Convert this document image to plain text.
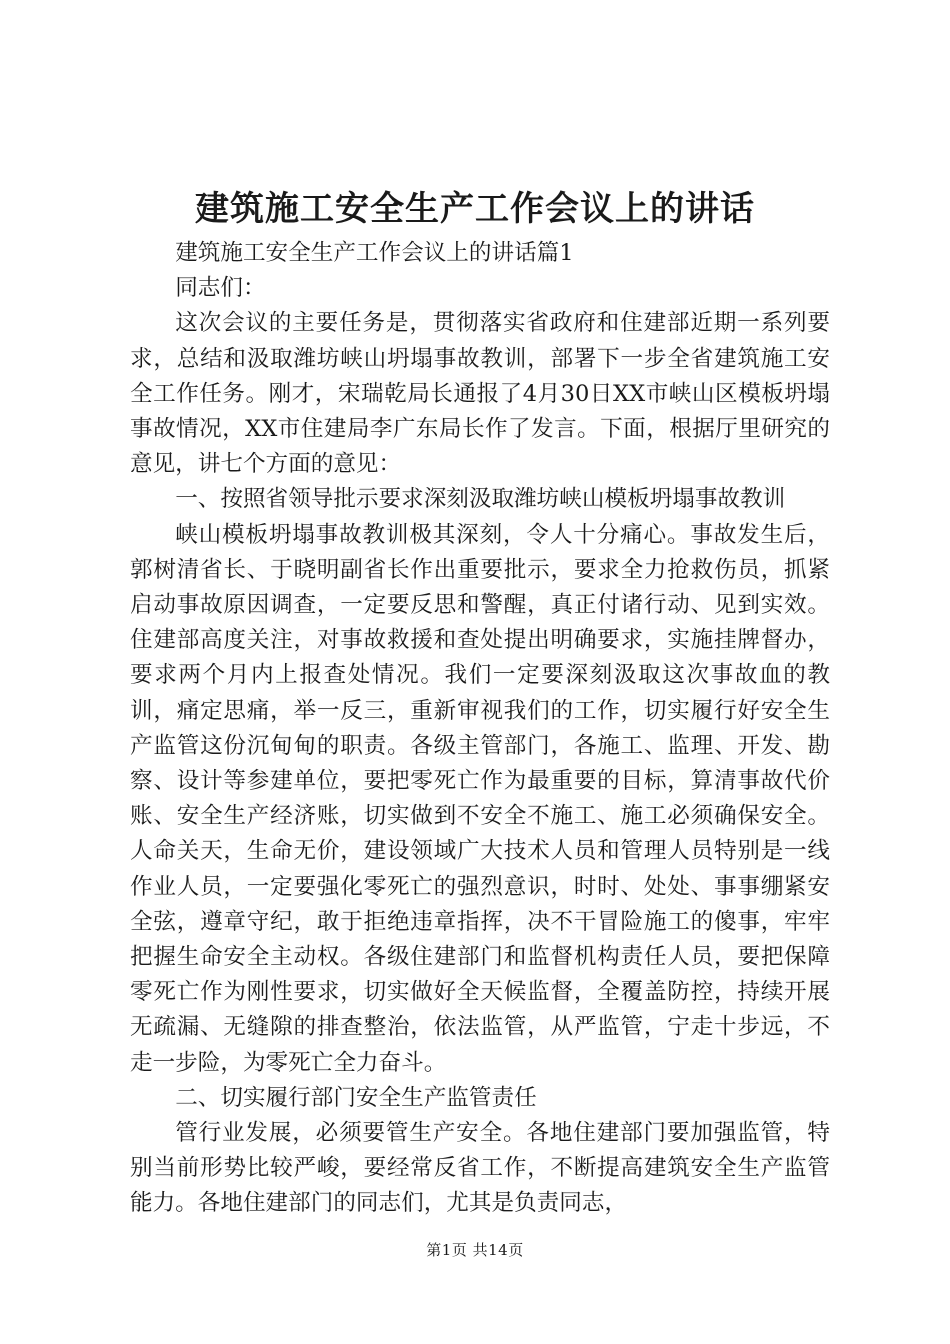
建筑施工安全生产工作会议上的讲话

建筑施工安全生产工作会议上的讲话篇1

同志们：

这次会议的主要任务是，贯彻落实省政府和住建部近期一系列要求，总结和汲取潍坊峡山坍塌事故教训，部署下一步全省建筑施工安全工作任务。刚才，宋瑞乾局长通报了4月30日XX市峡山区模板坍塌事故情况，XX市住建局李广东局长作了发言。下面，根据厅里研究的意见，讲七个方面的意见：

一、按照省领导批示要求深刻汲取潍坊峡山模板坍塌事故教训

峡山模板坍塌事故教训极其深刻，令人十分痛心。事故发生后，郭树清省长、于晓明副省长作出重要批示，要求全力抢救伤员，抓紧启动事故原因调查，一定要反思和警醒，真正付诸行动、见到实效。住建部高度关注，对事故救援和查处提出明确要求，实施挂牌督办，要求两个月内上报查处情况。我们一定要深刻汲取这次事故血的教训，痛定思痛，举一反三，重新审视我们的工作，切实履行好安全生产监管这份沉甸甸的职责。各级主管部门，各施工、监理、开发、勘察、设计等参建单位，要把零死亡作为最重要的目标，算清事故代价账、安全生产经济账，切实做到不安全不施工、施工必须确保安全。人命关天，生命无价，建设领域广大技术人员和管理人员特别是一线作业人员，一定要强化零死亡的强烈意识，时时、处处、事事绷紧安全弦，遵章守纪，敢于拒绝违章指挥，决不干冒险施工的傻事，牢牢把握生命安全主动权。各级住建部门和监督机构责任人员，要把保障零死亡作为刚性要求，切实做好全天候监督，全覆盖防控，持续开展无疏漏、无缝隙的排查整治，依法监管，从严监管，宁走十步远，不走一步险，为零死亡全力奋斗。

二、切实履行部门安全生产监管责任

管行业发展，必须要管生产安全。各地住建部门要加强监管，特别当前形势比较严峻，要经常反省工作，不断提高建筑安全生产监管能力。各地住建部门的同志们，尤其是负责同志，

第1页 共14页
